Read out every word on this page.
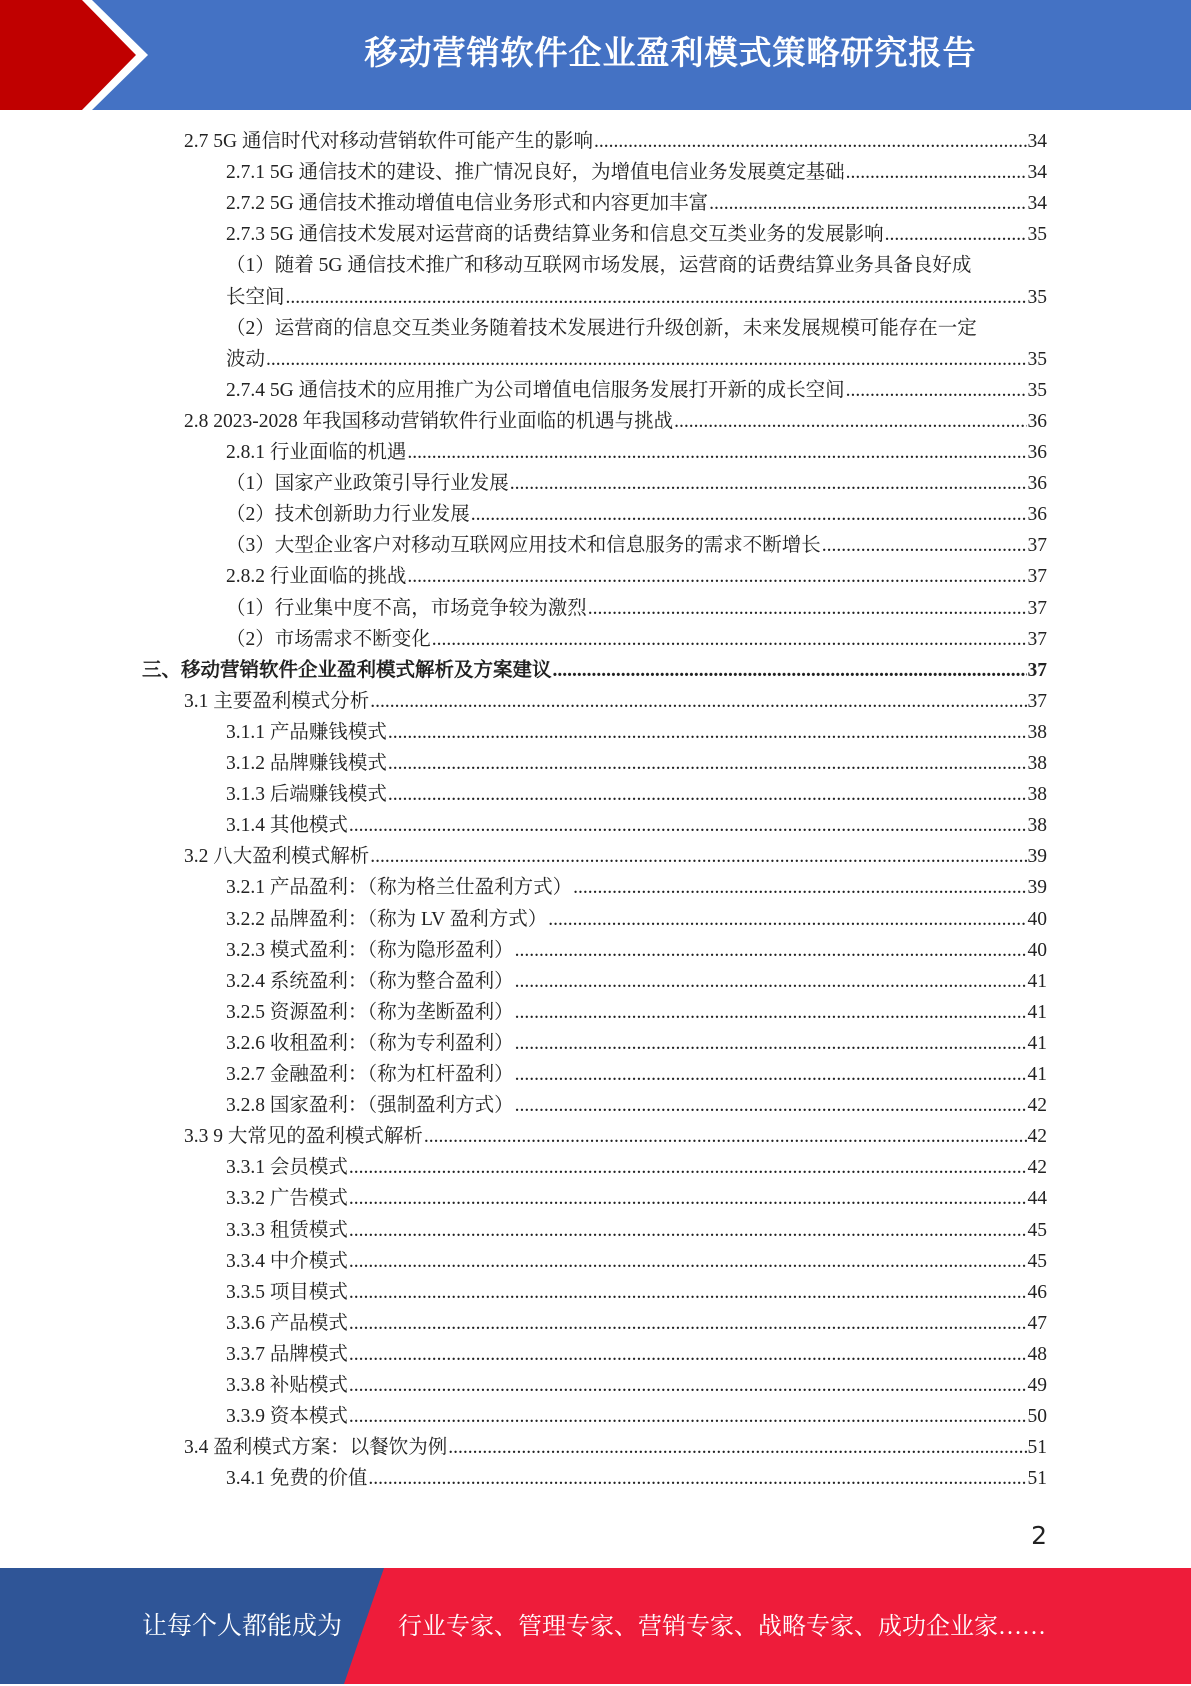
移动营销软件企业盈利模式策略研究报告
2.7 5G 通信时代对移动营销软件可能产生的影响 .....	34
2.7.1 5G 通信技术的建设、推广情况良好，为增值电信业务发展奠定基础 .....	34
2.7.2 5G 通信技术推动增值电信业务形式和内容更加丰富 .....	34
2.7.3 5G 通信技术发展对运营商的话费结算业务和信息交互类业务的发展影响 .....	35
（1）随着 5G 通信技术推广和移动互联网市场发展，运营商的话费结算业务具备良好成
长空间 .....	35
（2）运营商的信息交互类业务随着技术发展进行升级创新，未来发展规模可能存在一定
波动 .....	35
2.7.4 5G 通信技术的应用推广为公司增值电信服务发展打开新的成长空间 .....	35
2.8 2023-2028 年我国移动营销软件行业面临的机遇与挑战 .....	36
2.8.1 行业面临的机遇 .....	36
（1）国家产业政策引导行业发展 .....	36
（2）技术创新助力行业发展 .....	36
（3）大型企业客户对移动互联网应用技术和信息服务的需求不断增长 .....	37
2.8.2 行业面临的挑战 .....	37
（1）行业集中度不高，市场竞争较为激烈 .....	37
（2）市场需求不断变化 .....	37
三、移动营销软件企业盈利模式解析及方案建议 .....	37
3.1 主要盈利模式分析 .....	37
3.1.1 产品赚钱模式 .....	38
3.1.2 品牌赚钱模式 .....	38
3.1.3 后端赚钱模式 .....	38
3.1.4 其他模式 .....	38
3.2 八大盈利模式解析 .....	39
3.2.1 产品盈利：（称为格兰仕盈利方式） .....	39
3.2.2 品牌盈利：（称为 LV 盈利方式） .....	40
3.2.3 模式盈利：（称为隐形盈利） .....	40
3.2.4 系统盈利：（称为整合盈利） .....	41
3.2.5 资源盈利：（称为垄断盈利） .....	41
3.2.6 收租盈利：（称为专利盈利） .....	41
3.2.7 金融盈利：（称为杠杆盈利） .....	41
3.2.8 国家盈利：（强制盈利方式） .....	42
3.3 9 大常见的盈利模式解析 .....	42
3.3.1 会员模式 .....	42
3.3.2 广告模式 .....	44
3.3.3 租赁模式 .....	45
3.3.4 中介模式 .....	45
3.3.5 项目模式 .....	46
3.3.6 产品模式 .....	47
3.3.7 品牌模式 .....	48
3.3.8 补贴模式 .....	49
3.3.9 资本模式 .....	50
3.4 盈利模式方案：以餐饮为例 .....	51
3.4.1 免费的价值 .....	51
2
让每个人都能成为 行业专家、管理专家、营销专家、战略专家、成功企业家……
